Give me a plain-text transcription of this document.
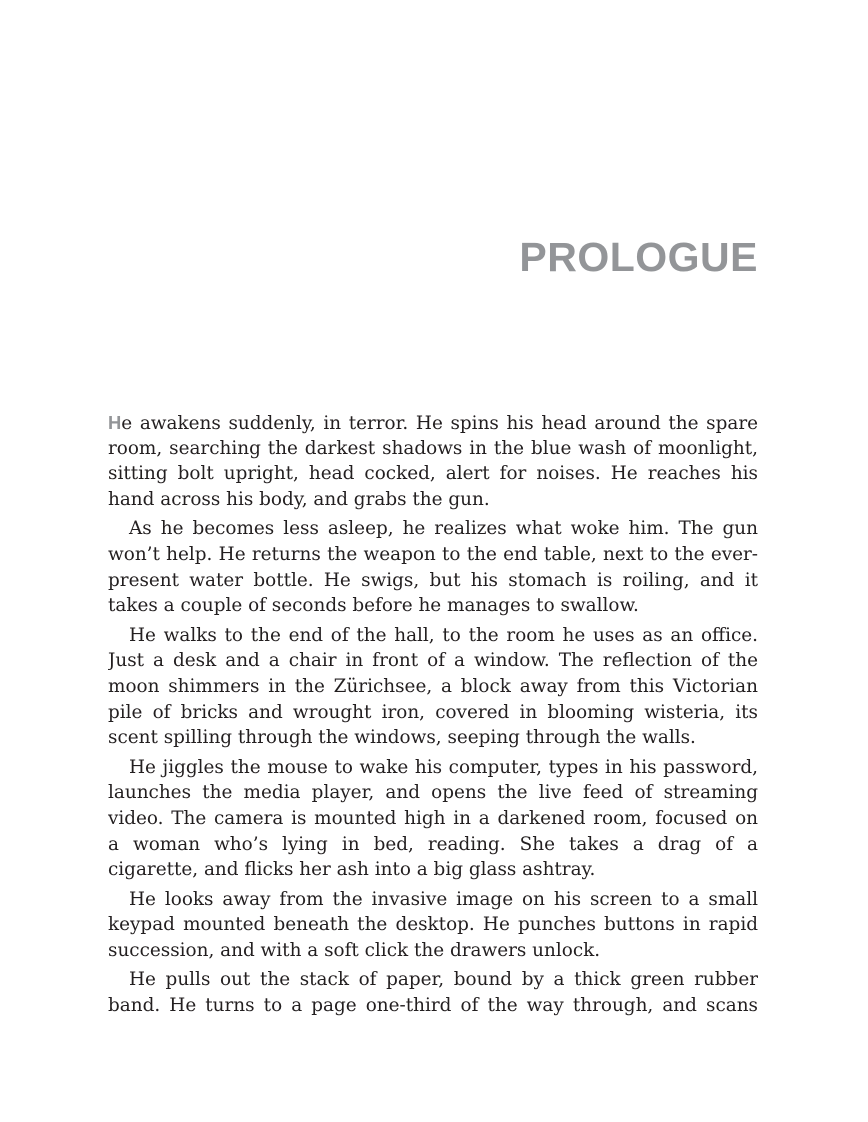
PROLOGUE

He awakens suddenly, in terror. He spins his head around the spare
room, searching the darkest shadows in the blue wash of moonlight,
sitting bolt upright, head cocked, alert for noises. He reaches his
hand across his body, and grabs the gun.

As he becomes less asleep, he realizes what woke him. The gun
won’t help. He returns the weapon to the end table, next to the ever-
present water bottle. He swigs, but his stomach is roiling, and it
takes a couple of seconds before he manages to swallow.

He walks to the end of the hall, to the room he uses as an office.
Just a desk and a chair in front of a window. The reflection of the
moon shimmers in the Zürichsee, a block away from this Victorian
pile of bricks and wrought iron, covered in blooming wisteria, its
scent spilling through the windows, seeping through the walls.

He jiggles the mouse to wake his computer, types in his password,
launches the media player, and opens the live feed of streaming
video. The camera is mounted high in a darkened room, focused on
a woman who’s lying in bed, reading. She takes a drag of a
cigarette, and flicks her ash into a big glass ashtray.

He looks away from the invasive image on his screen to a small
keypad mounted beneath the desktop. He punches buttons in rapid
succession, and with a soft click the drawers unlock.

He pulls out the stack of paper, bound by a thick green rubber
band. He turns to a page one-third of the way through, and scans
